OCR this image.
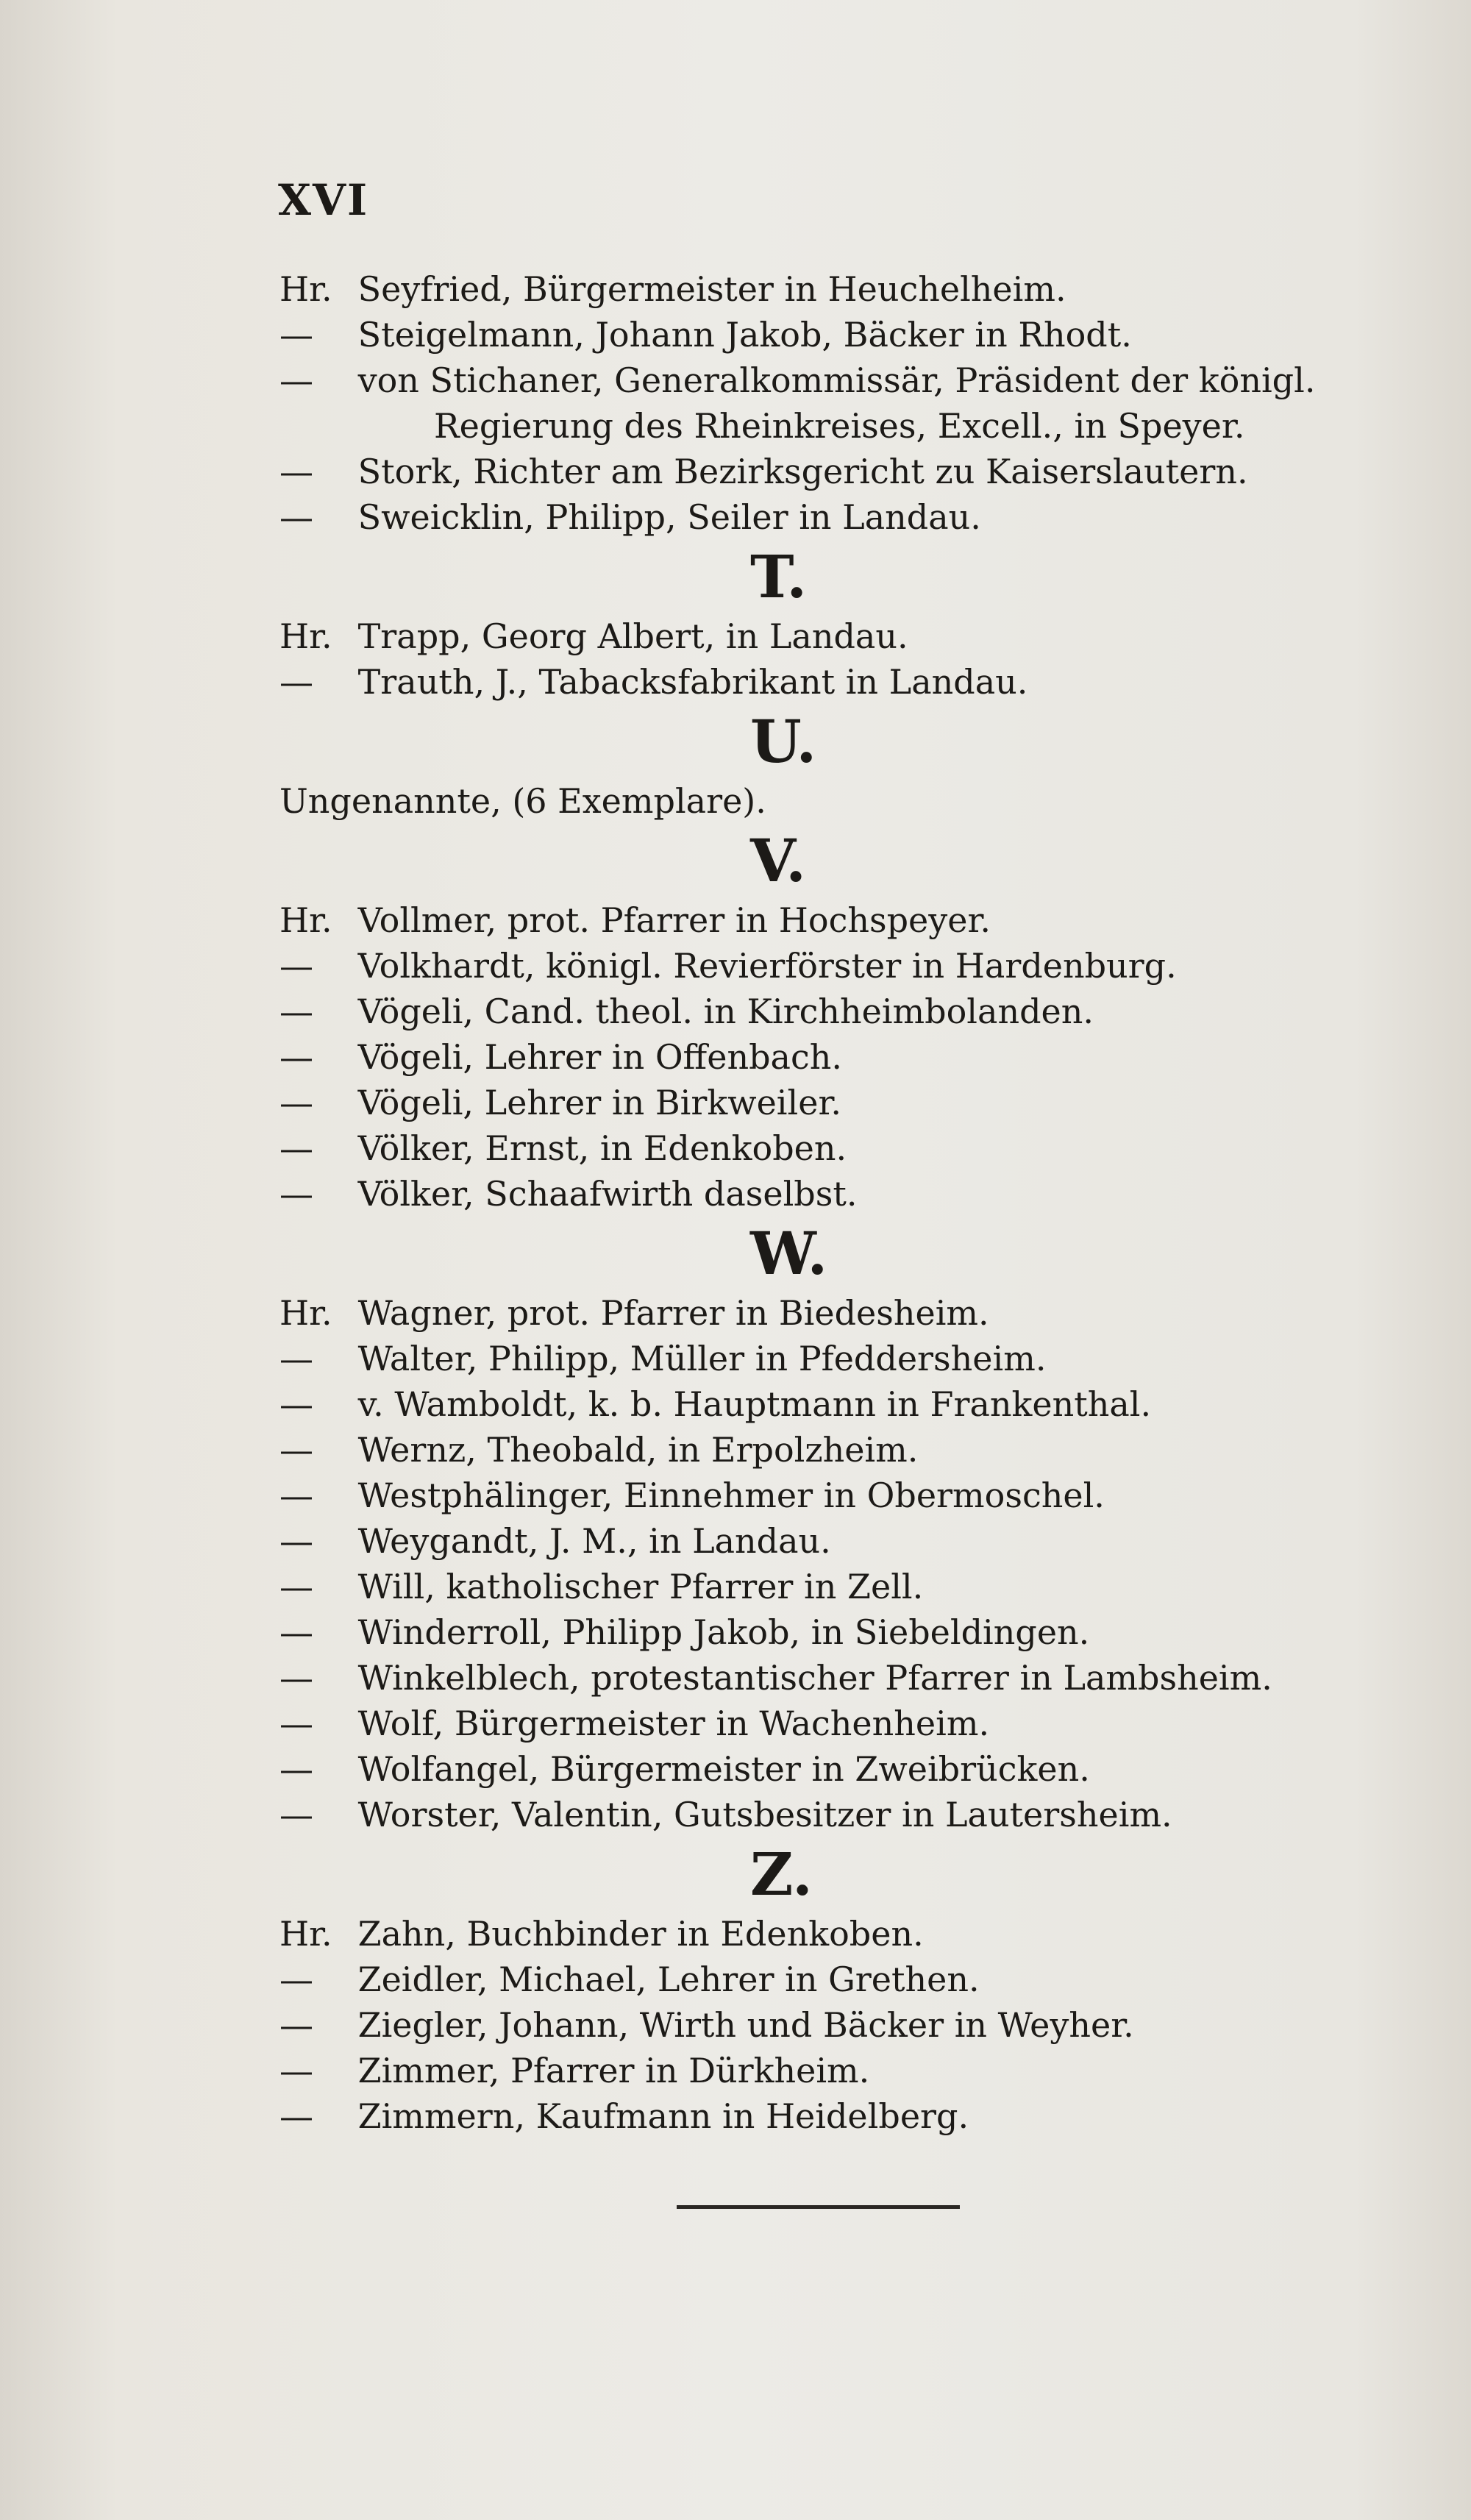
XVI
Hr. Seyfried, Bürgermeister in Heuchelheim.
— Steigelmann, Johann Jakob, Bäcker in Rhodt.
— von Stichaner, Generalkommissär, Präsident der königl.
Regierung des Rheinkreises, Excell., in Speyer.
— Stork, Richter am Bezirksgericht zu Kaiserslautern.
— Sweicklin, Philipp, Seiler in Landau.
T.
Hr. Trapp, Georg Albert, in Landau.
— Trauth, J., Tabacksfabrikant in Landau.
U.
Ungenannte, (6 Exemplare).
V.
Hr. Vollmer, prot. Pfarrer in Hochspeyer.
— Volkhardt, königl. Revierförster in Hardenburg.
— Vögeli, Cand. theol. in Kirchheimbolanden.
— Vögeli, Lehrer in Offenbach.
— Vögeli, Lehrer in Birkweiler.
— Völker, Ernst, in Edenkoben.
— Völker, Schaafwirth daselbst.
W.
Hr. Wagner, prot. Pfarrer in Biedesheim.
— Walter, Philipp, Müller in Pfeddersheim.
— v. Wamboldt, k. b. Hauptmann in Frankenthal.
— Wernz, Theobald, in Erpolzheim.
— Westphälinger, Einnehmer in Obermoschel.
— Weygandt, J. M., in Landau.
— Will, katholischer Pfarrer in Zell.
— Winderroll, Philipp Jakob, in Siebeldingen.
— Winkelblech, protestantischer Pfarrer in Lambsheim.
— Wolf, Bürgermeister in Wachenheim.
— Wolfangel, Bürgermeister in Zweibrücken.
— Worster, Valentin, Gutsbesitzer in Lautersheim.
Z.
Hr. Zahn, Buchbinder in Edenkoben.
— Zeidler, Michael, Lehrer in Grethen.
— Ziegler, Johann, Wirth und Bäcker in Weyher.
— Zimmer, Pfarrer in Dürkheim.
— Zimmern, Kaufmann in Heidelberg.
